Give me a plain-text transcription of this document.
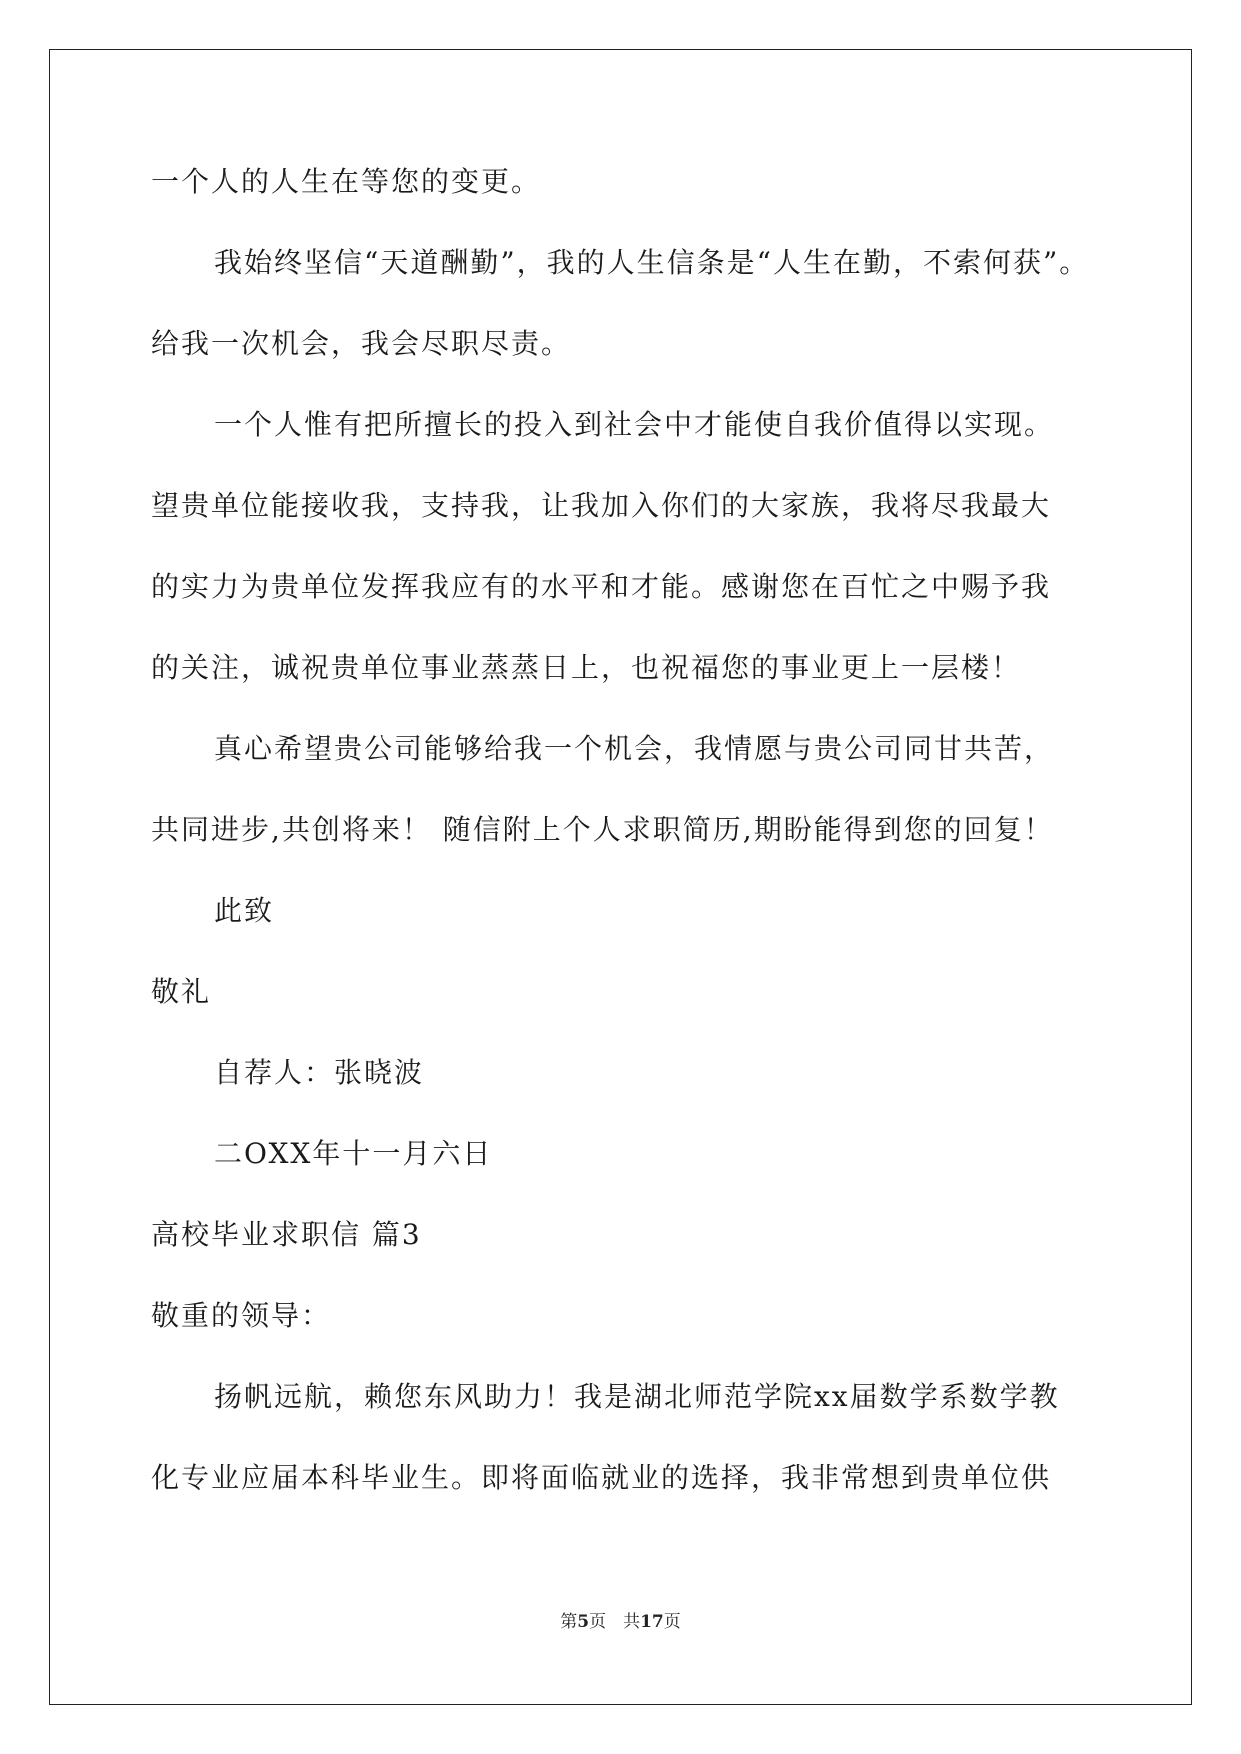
一个人的人生在等您的变更。
我始终坚信“天道酬勤”，我的人生信条是“人生在勤，不索何获”。
给我一次机会，我会尽职尽责。
一个人惟有把所擅长的投入到社会中才能使自我价值得以实现。
望贵单位能接收我，支持我，让我加入你们的大家族，我将尽我最大
的实力为贵单位发挥我应有的水平和才能。感谢您在百忙之中赐予我
的关注，诚祝贵单位事业蒸蒸日上，也祝福您的事业更上一层楼！
真心希望贵公司能够给我一个机会，我情愿与贵公司同甘共苦，
共同进步,共创将来！ 随信附上个人求职简历,期盼能得到您的回复！
此致
敬礼
自荐人：张晓波
二OXX年十一月六日
高校毕业求职信 篇3
敬重的领导：
扬帆远航，赖您东风助力！我是湖北师范学院xx届数学系数学教
化专业应届本科毕业生。即将面临就业的选择，我非常想到贵单位供
第5页　共17页
